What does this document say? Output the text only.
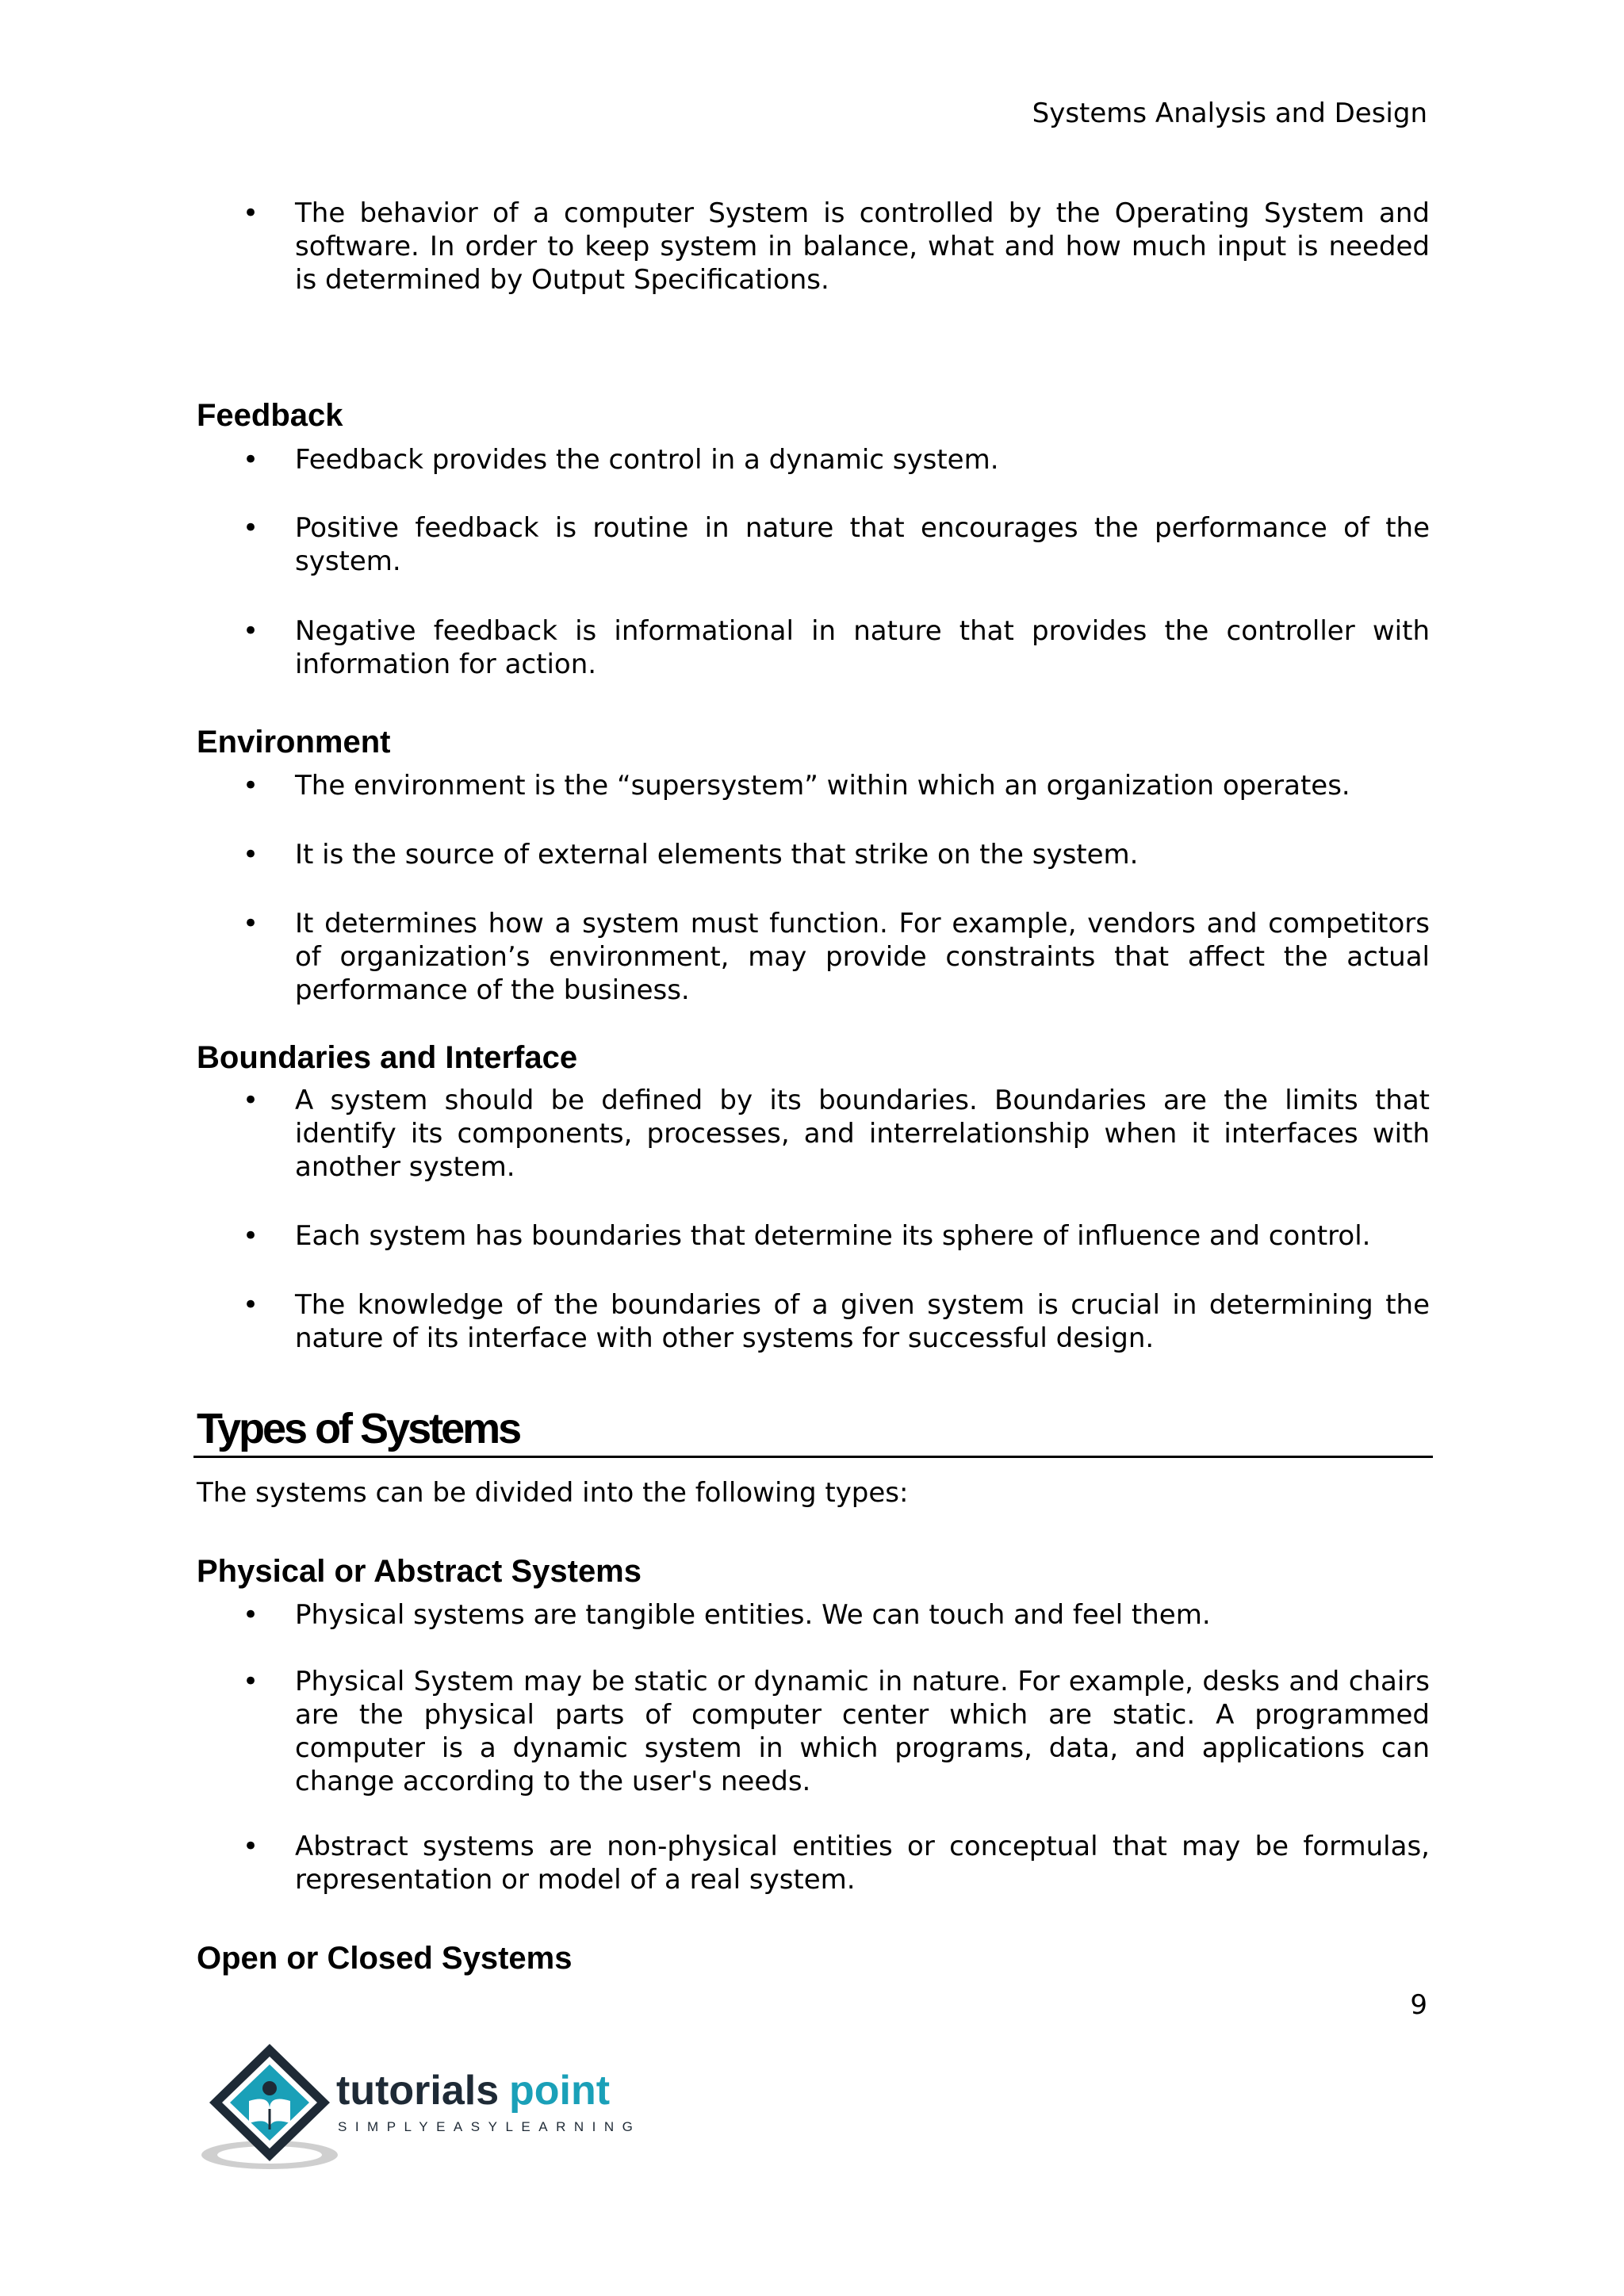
Systems Analysis and Design
• The behavior of a computer System is controlled by the Operating System and software. In order to keep system in balance, what and how much input is needed is determined by Output Specifications.
Feedback
• Feedback provides the control in a dynamic system.
• Positive feedback is routine in nature that encourages the performance of the system.
• Negative feedback is informational in nature that provides the controller with information for action.
Environment
• The environment is the “supersystem” within which an organization operates.
• It is the source of external elements that strike on the system.
• It determines how a system must function. For example, vendors and competitors of organization’s environment, may provide constraints that affect the actual performance of the business.
Boundaries and Interface
• A system should be defined by its boundaries. Boundaries are the limits that identify its components, processes, and interrelationship when it interfaces with another system.
• Each system has boundaries that determine its sphere of influence and control.
• The knowledge of the boundaries of a given system is crucial in determining the nature of its interface with other systems for successful design.
Types of Systems
The systems can be divided into the following types:
Physical or Abstract Systems
• Physical systems are tangible entities. We can touch and feel them.
• Physical System may be static or dynamic in nature. For example, desks and chairs are the physical parts of computer center which are static. A programmed computer is a dynamic system in which programs, data, and applications can change according to the user's needs.
• Abstract systems are non-physical entities or conceptual that may be formulas, representation or model of a real system.
Open or Closed Systems
9
tutorials point
SIMPLYEASYLEARNING
